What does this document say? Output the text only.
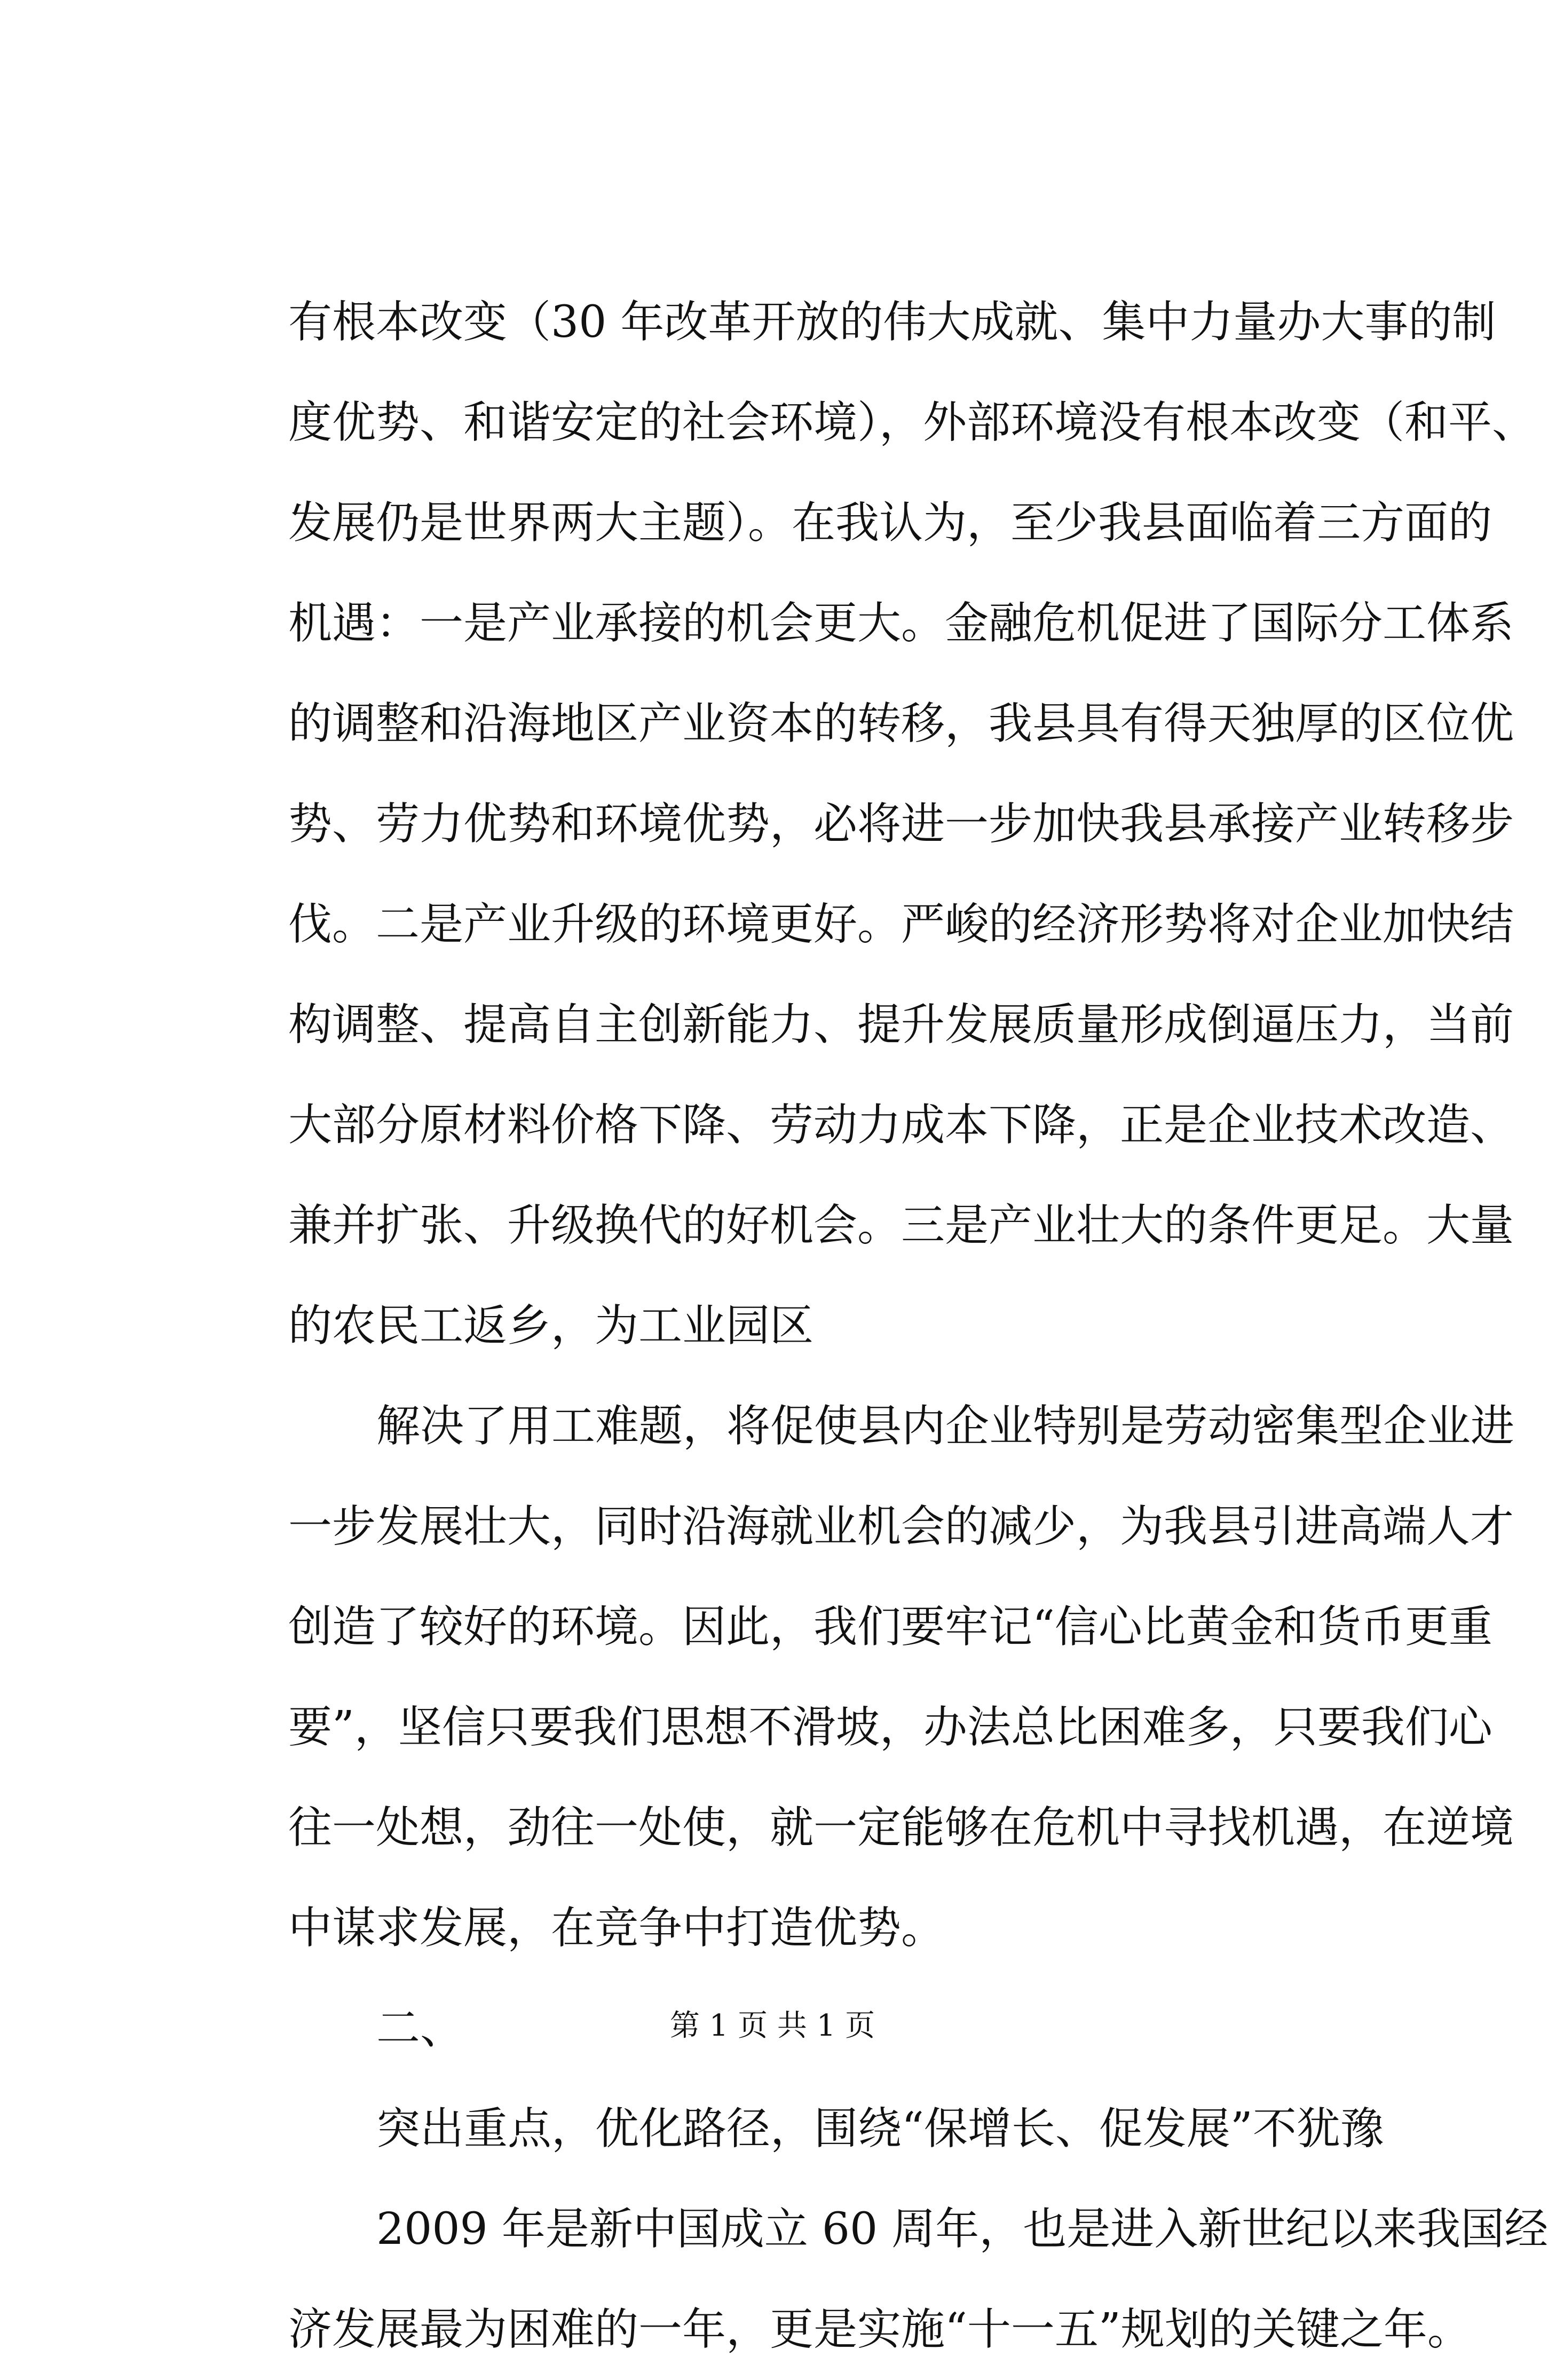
有根本改变（30 年改革开放的伟大成就、集中力量办大事的制
度优势、和谐安定的社会环境），外部环境没有根本改变（和平、
发展仍是世界两大主题）。在我认为，至少我县面临着三方面的
机遇：一是产业承接的机会更大。金融危机促进了国际分工体系
的调整和沿海地区产业资本的转移，我县具有得天独厚的区位优
势、劳力优势和环境优势，必将进一步加快我县承接产业转移步
伐。二是产业升级的环境更好。严峻的经济形势将对企业加快结
构调整、提高自主创新能力、提升发展质量形成倒逼压力，当前
大部分原材料价格下降、劳动力成本下降，正是企业技术改造、
兼并扩张、升级换代的好机会。三是产业壮大的条件更足。大量
的农民工返乡，为工业园区
解决了用工难题，将促使县内企业特别是劳动密集型企业进
一步发展壮大，同时沿海就业机会的减少，为我县引进高端人才
创造了较好的环境。因此，我们要牢记“信心比黄金和货币更重
要”，坚信只要我们思想不滑坡，办法总比困难多，只要我们心
往一处想，劲往一处使，就一定能够在危机中寻找机遇，在逆境
中谋求发展，在竞争中打造优势。
二、
突出重点，优化路径，围绕“保增长、促发展”不犹豫
2009 年是新中国成立 60 周年，也是进入新世纪以来我国经
济发展最为困难的一年，更是实施“十一五”规划的关键之年。
第 1 页 共 1 页
